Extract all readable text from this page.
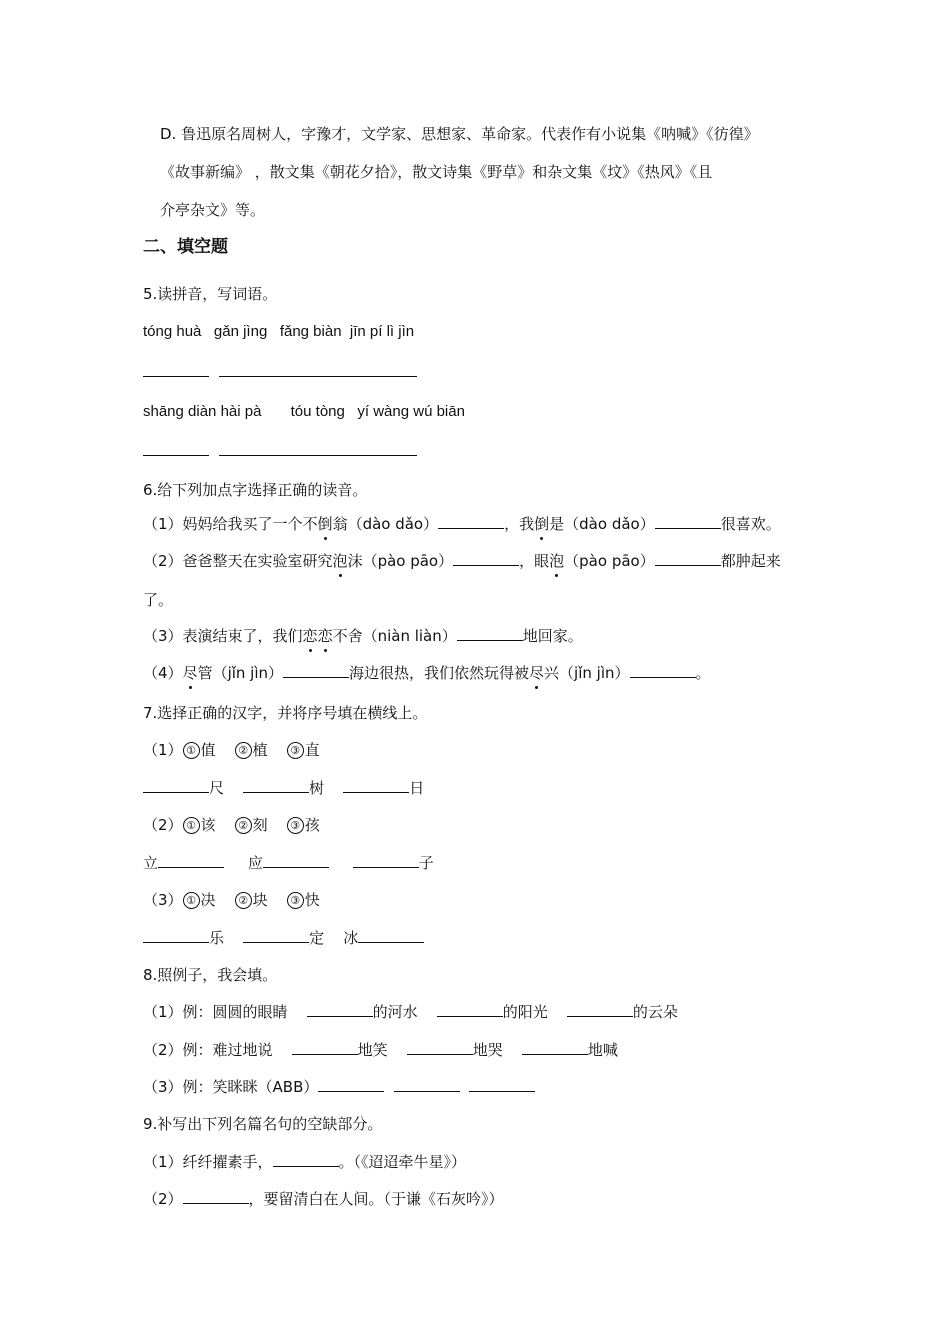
D. 鲁迅原名周树人，字豫才，文学家、思想家、革命家。代表作有小说集《呐喊》《彷徨》

《故事新编》 ，散文集《朝花夕拾》，散文诗集《野草》和杂文集《坟》《热风》《且

介亭杂文》等。

二、填空题

5.读拼音，写词语。

tóng huà gǎn jìng fǎng biàn jīn pí lì jìn

shāng diàn hài pà tóu tòng yí wàng wú biān

6.给下列加点字选择正确的读音。

（1）妈妈给我买了一个不倒翁（dào dǎo）	，我倒是（dào dǎo）	很喜欢。
（2）爸爸整天在实验室研究泡沫（pào pāo）	，眼泡（pào pāo）	都肿起来

了。

（3）表演结束了，我们恋恋不舍（niàn liàn）	地回家。
（4）尽管（jǐn jìn）	海边很热，我们依然玩得被尽兴（jǐn jìn）	。

7.选择正确的汉字，并将序号填在横线上。

（1） ① 值 ② 植 ③ 直
尺	树	日
（2） ① 该 ② 刻 ③ 孩
立	应	子
（3） ① 决 ② 块 ③ 快
乐	定 冰

8.照例子，我会填。

（1）例：圆圆的眼睛	的河水	的阳光	的云朵
（2）例：难过地说	地笑	地哭	地喊
（3）例：笑眯眯（ABB）

9.补写出下列名篇名句的空缺部分。

（1）纤纤擢素手，	。（《迢迢牵牛星》）
（2）	，要留清白在人间。（于谦《石灰吟》）
